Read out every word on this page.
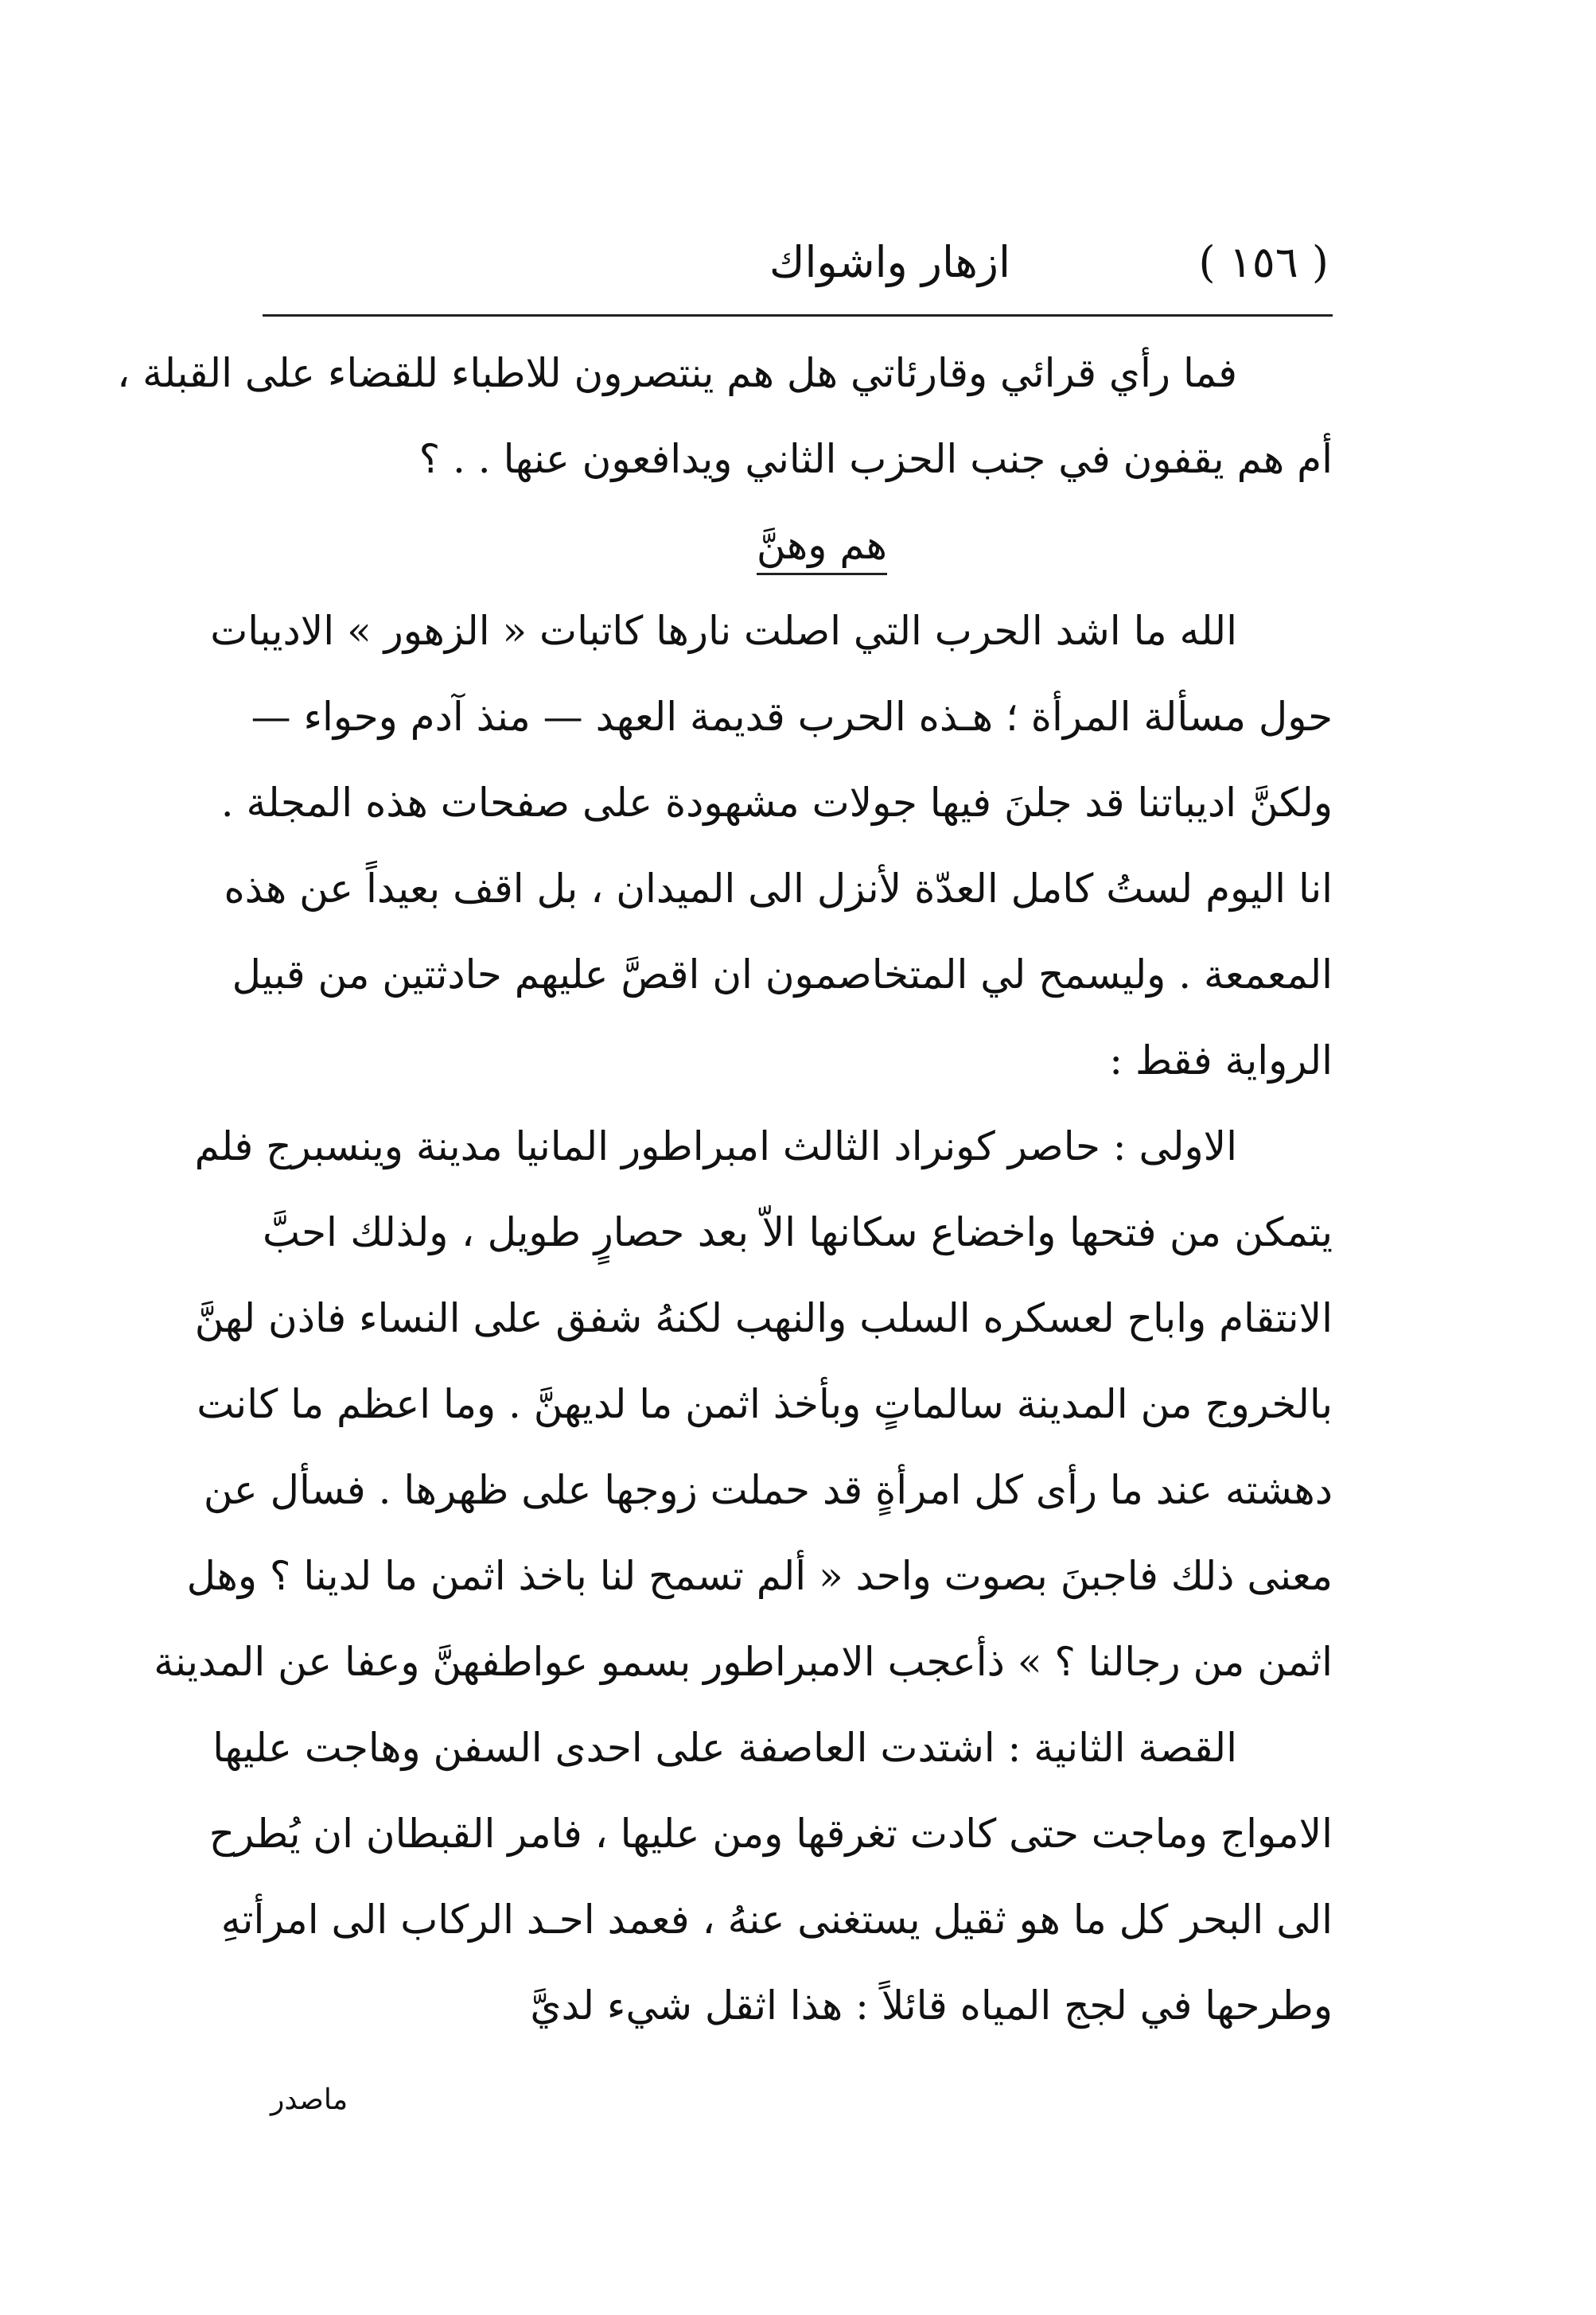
( ١٥٦ )
ازهار واشواك
فما رأي قرائي وقارئاتي هل هم ينتصرون للاطباء للقضاء على القبلة ،
أم هم يقفون في جنب الحزب الثاني ويدافعون عنها . . ؟
هم وهنَّ
الله ما اشد الحرب التي اصلت نارها كاتبات « الزهور » الاديبات
حول مسألة المرأة ؛ هـذه الحرب قديمة العهد — منذ آدم وحواء —
ولكنَّ اديباتنا قد جلنَ فيها جولات مشهودة على صفحات هذه المجلة .
انا اليوم لستُ كامل العدّة لأنزل الى الميدان ، بل اقف بعيداً عن هذه
المعمعة . وليسمح لي المتخاصمون ان اقصَّ عليهم حادثتين من قبيل
الرواية فقط :
الاولى : حاصر كونراد الثالث امبراطور المانيا مدينة وينسبرج فلم
يتمكن من فتحها واخضاع سكانها الاّ بعد حصارٍ طويل ، ولذلك احبَّ
الانتقام واباح لعسكره السلب والنهب لكنهُ شفق على النساء فاذن لهنَّ
بالخروج من المدينة سالماتٍ وبأخذ اثمن ما لديهنَّ . وما اعظم ما كانت
دهشته عند ما رأى كل امرأةٍ قد حملت زوجها على ظهرها . فسأل عن
معنى ذلك فاجبنَ بصوت واحد « ألم تسمح لنا باخذ اثمن ما لدينا ؟ وهل
اثمن من رجالنا ؟ » ذأعجب الامبراطور بسمو عواطفهنَّ وعفا عن المدينة
القصة الثانية : اشتدت العاصفة على احدى السفن وهاجت عليها
الامواج وماجت حتى كادت تغرقها ومن عليها ، فامر القبطان ان يُطرح
الى البحر كل ما هو ثقيل يستغنى عنهُ ، فعمد احـد الركاب الى امرأتهِ
وطرحها في لجج المياه قائلاً : هذا اثقل شيء لديَّ
ماصدر
